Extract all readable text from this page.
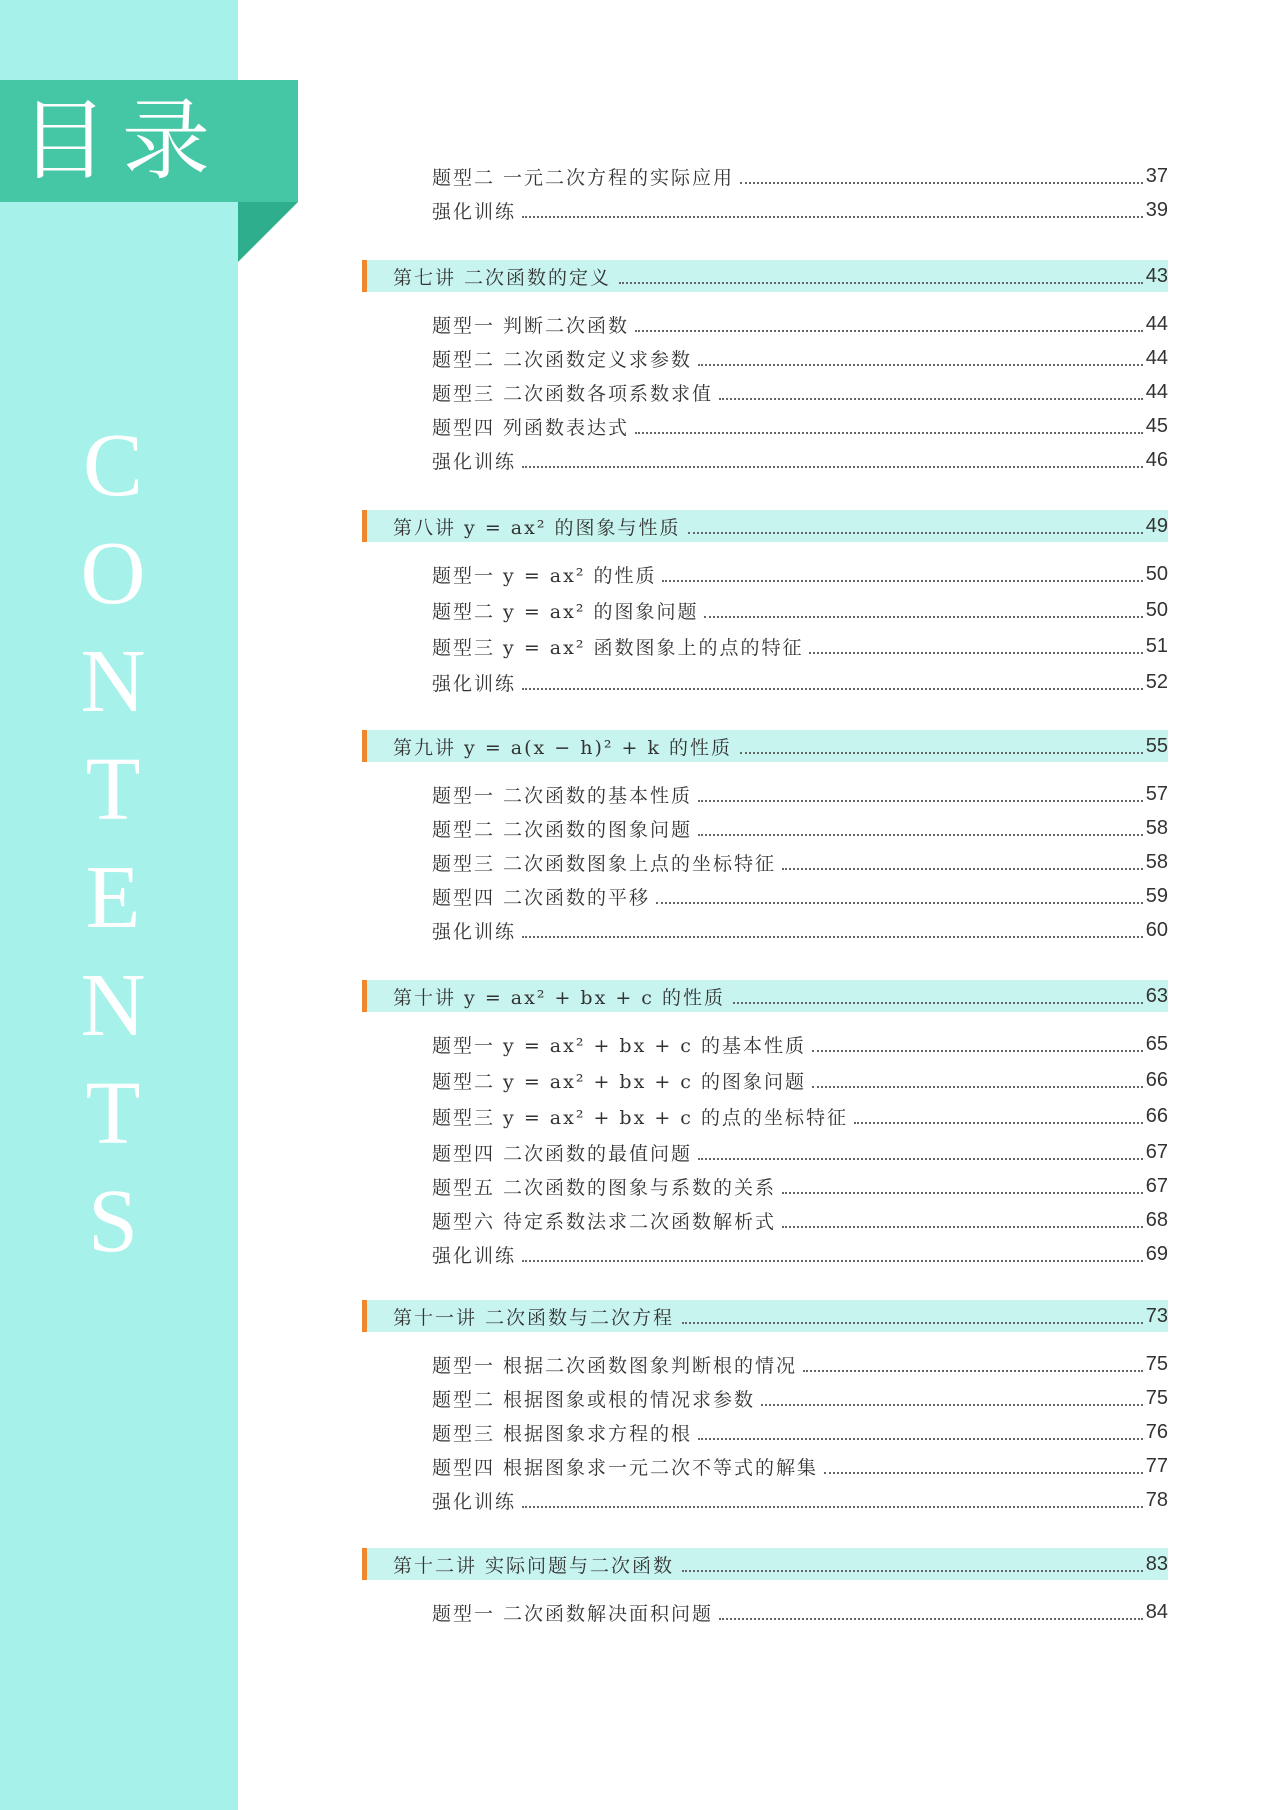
目录
C
O
N
T
E
N
T
S
题型二 一元二次方程的实际应用	37
强化训练	39
第七讲 二次函数的定义	43
题型一 判断二次函数	44
题型二 二次函数定义求参数	44
题型三 二次函数各项系数求值	44
题型四 列函数表达式	45
强化训练	46
第八讲 y = ax² 的图象与性质	49
题型一 y = ax² 的性质	50
题型二 y = ax² 的图象问题	50
题型三 y = ax² 函数图象上的点的特征	51
强化训练	52
第九讲 y = a(x − h)² + k 的性质	55
题型一 二次函数的基本性质	57
题型二 二次函数的图象问题	58
题型三 二次函数图象上点的坐标特征	58
题型四 二次函数的平移	59
强化训练	60
第十讲 y = ax² + bx + c 的性质	63
题型一 y = ax² + bx + c 的基本性质	65
题型二 y = ax² + bx + c 的图象问题	66
题型三 y = ax² + bx + c 的点的坐标特征	66
题型四 二次函数的最值问题	67
题型五 二次函数的图象与系数的关系	67
题型六 待定系数法求二次函数解析式	68
强化训练	69
第十一讲 二次函数与二次方程	73
题型一 根据二次函数图象判断根的情况	75
题型二 根据图象或根的情况求参数	75
题型三 根据图象求方程的根	76
题型四 根据图象求一元二次不等式的解集	77
强化训练	78
第十二讲 实际问题与二次函数	83
题型一 二次函数解决面积问题	84
